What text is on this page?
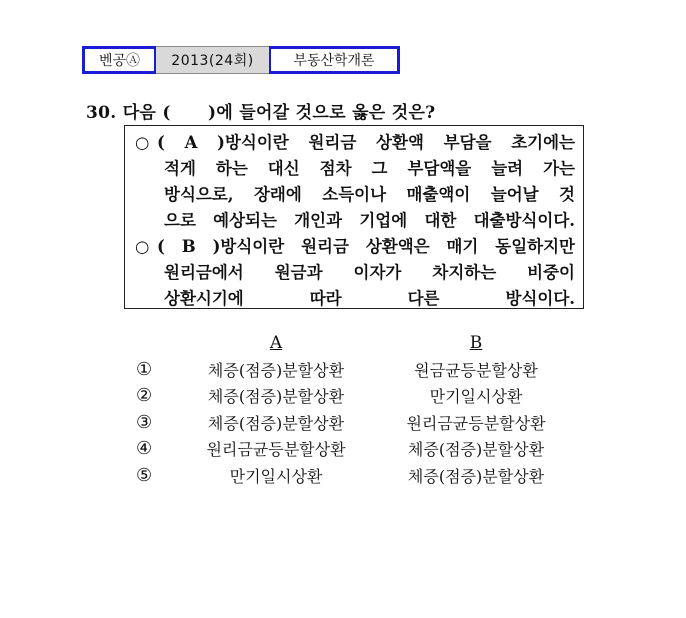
벤공Ⓐ	2013(24회)	부동산학개론
30. 다음 (      )에 들어갈 것으로 옳은 것은?
○ ( A )방식이란 원리금 상환액 부담을 초기에는
적게 하는 대신 점차 그 부담액을 늘려 가는
방식으로, 장래에 소득이나 매출액이 늘어날 것
으로 예상되는 개인과 기업에 대한 대출방식이다.
○ ( B )방식이란 원리금 상환액은 매기 동일하지만
원리금에서 원금과 이자가 차지하는 비중이
상환시기에 따라 다른 방식이다.
A	B
①	체증(점증)분할상환	원금균등분할상환
②	체증(점증)분할상환	만기일시상환
③	체증(점증)분할상환	원리금균등분할상환
④	원리금균등분할상환	체증(점증)분할상환
⑤	만기일시상환	체증(점증)분할상환
